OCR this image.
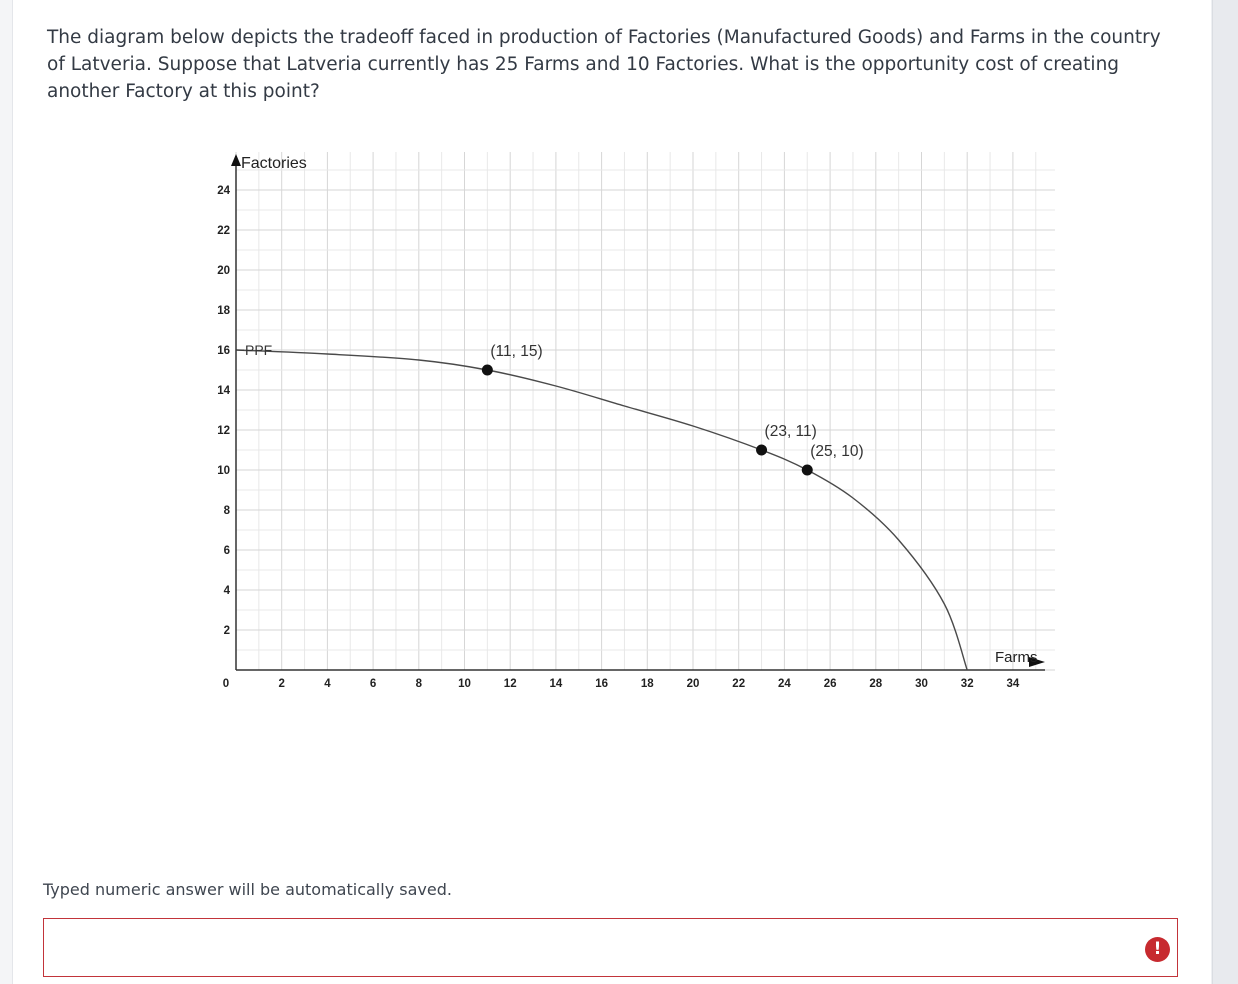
The diagram below depicts the tradeoff faced in production of Factories (Manufactured Goods) and Farms in the country of Latveria. Suppose that Latveria currently has 25 Farms and 10 Factories. What is the opportunity cost of creating another Factory at this point?

0	2	4	6	8	10	12	14	16	18	20	22	24	26	28	30	32	34
2
4
6
8
10
12
14
16
18
20
22
24
Factories
Farms
PPF	(11, 15)
(23, 11)
(25, 10)
Typed numeric answer will be automatically saved.
!
